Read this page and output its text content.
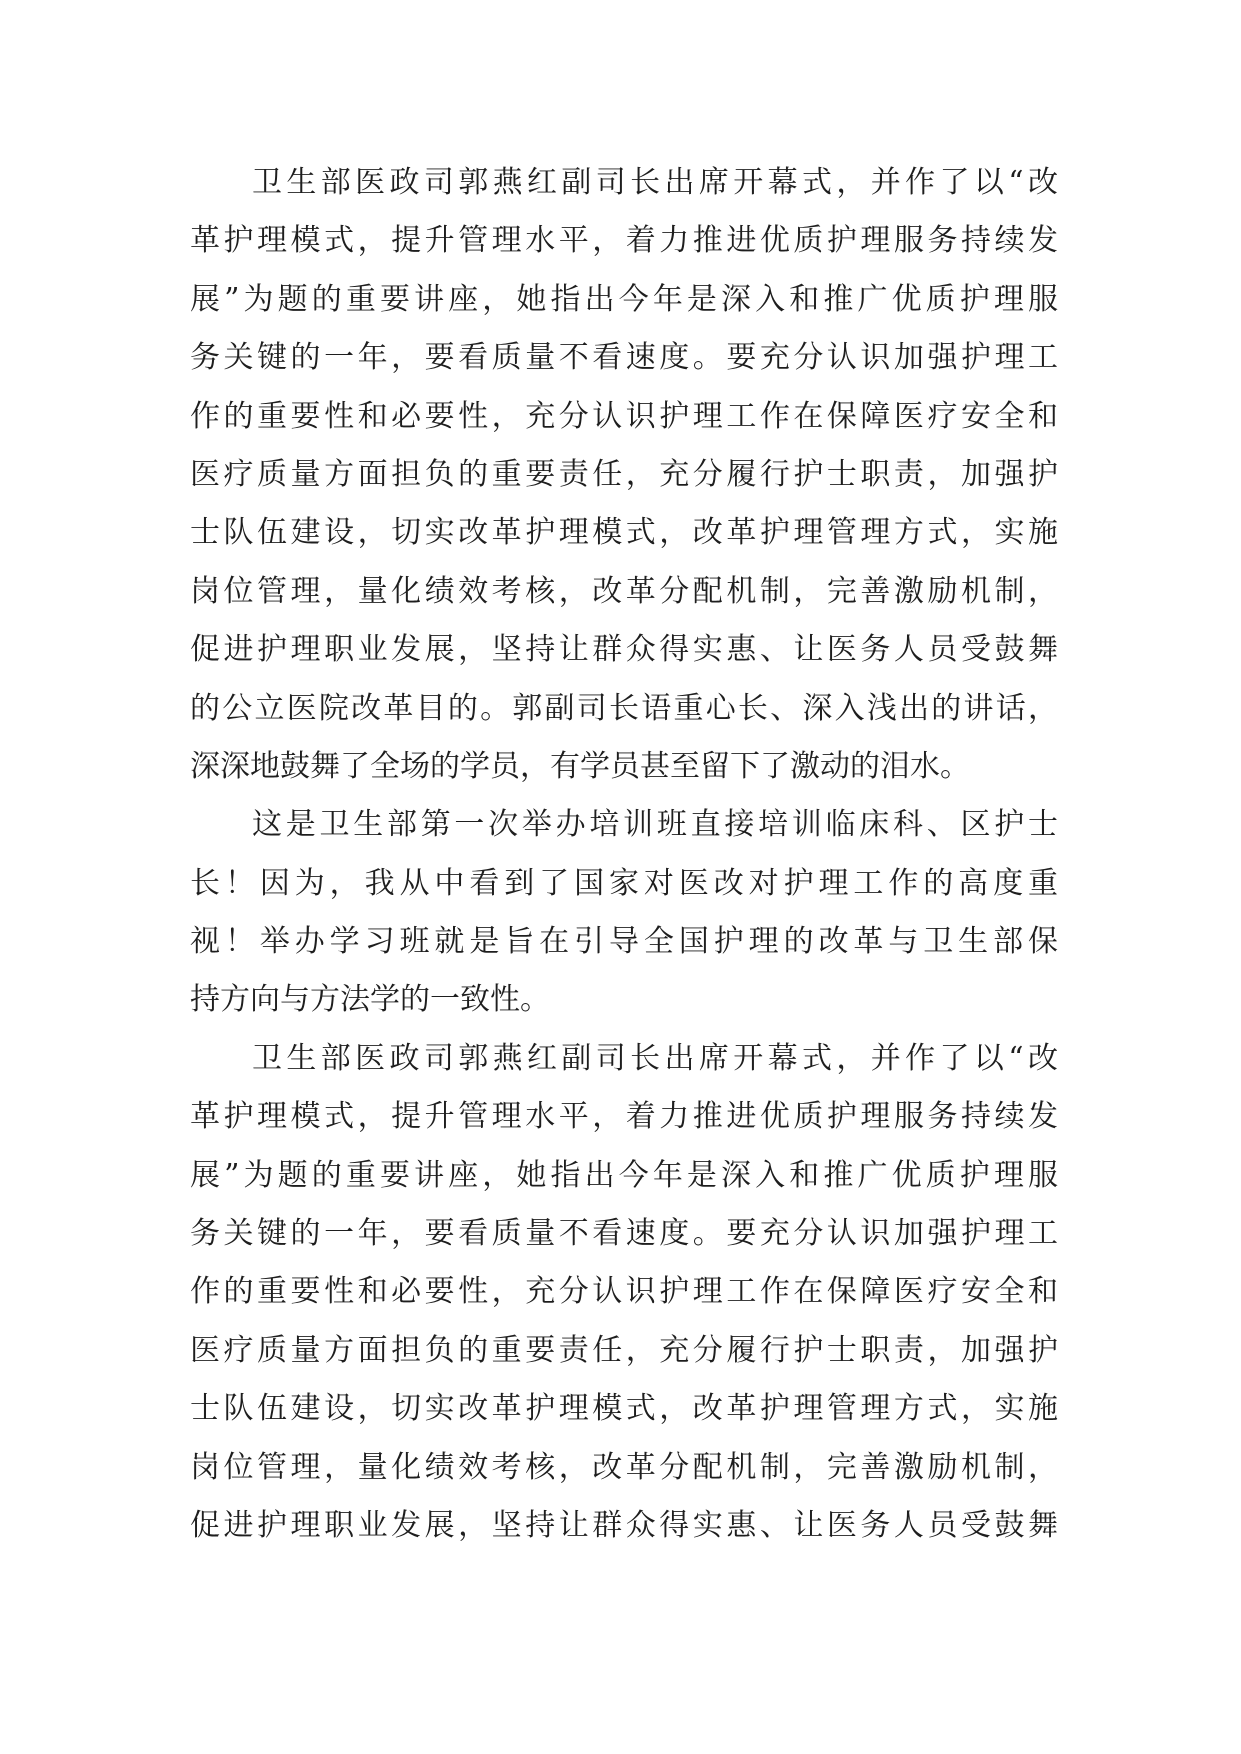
卫生部医政司郭燕红副司长出席开幕式，并作了以“改
革护理模式，提升管理水平，着力推进优质护理服务持续发
展”为题的重要讲座，她指出今年是深入和推广优质护理服
务关键的一年，要看质量不看速度。要充分认识加强护理工
作的重要性和必要性，充分认识护理工作在保障医疗安全和
医疗质量方面担负的重要责任，充分履行护士职责，加强护
士队伍建设，切实改革护理模式，改革护理管理方式，实施
岗位管理，量化绩效考核，改革分配机制，完善激励机制，
促进护理职业发展，坚持让群众得实惠、让医务人员受鼓舞
的公立医院改革目的。郭副司长语重心长、深入浅出的讲话，
深深地鼓舞了全场的学员，有学员甚至留下了激动的泪水。
这是卫生部第一次举办培训班直接培训临床科、区护士
长！因为，我从中看到了国家对医改对护理工作的高度重
视！举办学习班就是旨在引导全国护理的改革与卫生部保
持方向与方法学的一致性。
卫生部医政司郭燕红副司长出席开幕式，并作了以“改
革护理模式，提升管理水平，着力推进优质护理服务持续发
展”为题的重要讲座，她指出今年是深入和推广优质护理服
务关键的一年，要看质量不看速度。要充分认识加强护理工
作的重要性和必要性，充分认识护理工作在保障医疗安全和
医疗质量方面担负的重要责任，充分履行护士职责，加强护
士队伍建设，切实改革护理模式，改革护理管理方式，实施
岗位管理，量化绩效考核，改革分配机制，完善激励机制，
促进护理职业发展，坚持让群众得实惠、让医务人员受鼓舞
